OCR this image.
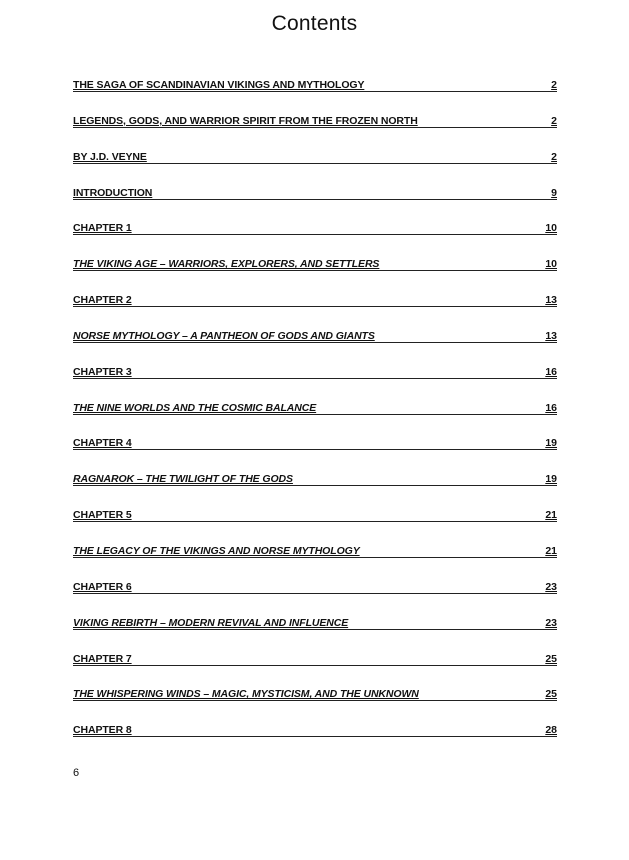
Contents
THE SAGA OF SCANDINAVIAN VIKINGS AND MYTHOLOGY	2
LEGENDS, GODS, AND WARRIOR SPIRIT FROM THE FROZEN NORTH	2
BY J.D. VEYNE	2
INTRODUCTION	9
CHAPTER 1	10
THE VIKING AGE – WARRIORS, EXPLORERS, AND SETTLERS	10
CHAPTER 2	13
NORSE MYTHOLOGY – A PANTHEON OF GODS AND GIANTS	13
CHAPTER 3	16
THE NINE WORLDS AND THE COSMIC BALANCE	16
CHAPTER 4	19
RAGNAROK – THE TWILIGHT OF THE GODS	19
CHAPTER 5	21
THE LEGACY OF THE VIKINGS AND NORSE MYTHOLOGY	21
CHAPTER 6	23
VIKING REBIRTH – MODERN REVIVAL AND INFLUENCE	23
CHAPTER 7	25
THE WHISPERING WINDS – MAGIC, MYSTICISM, AND THE UNKNOWN	25
CHAPTER 8	28
6
